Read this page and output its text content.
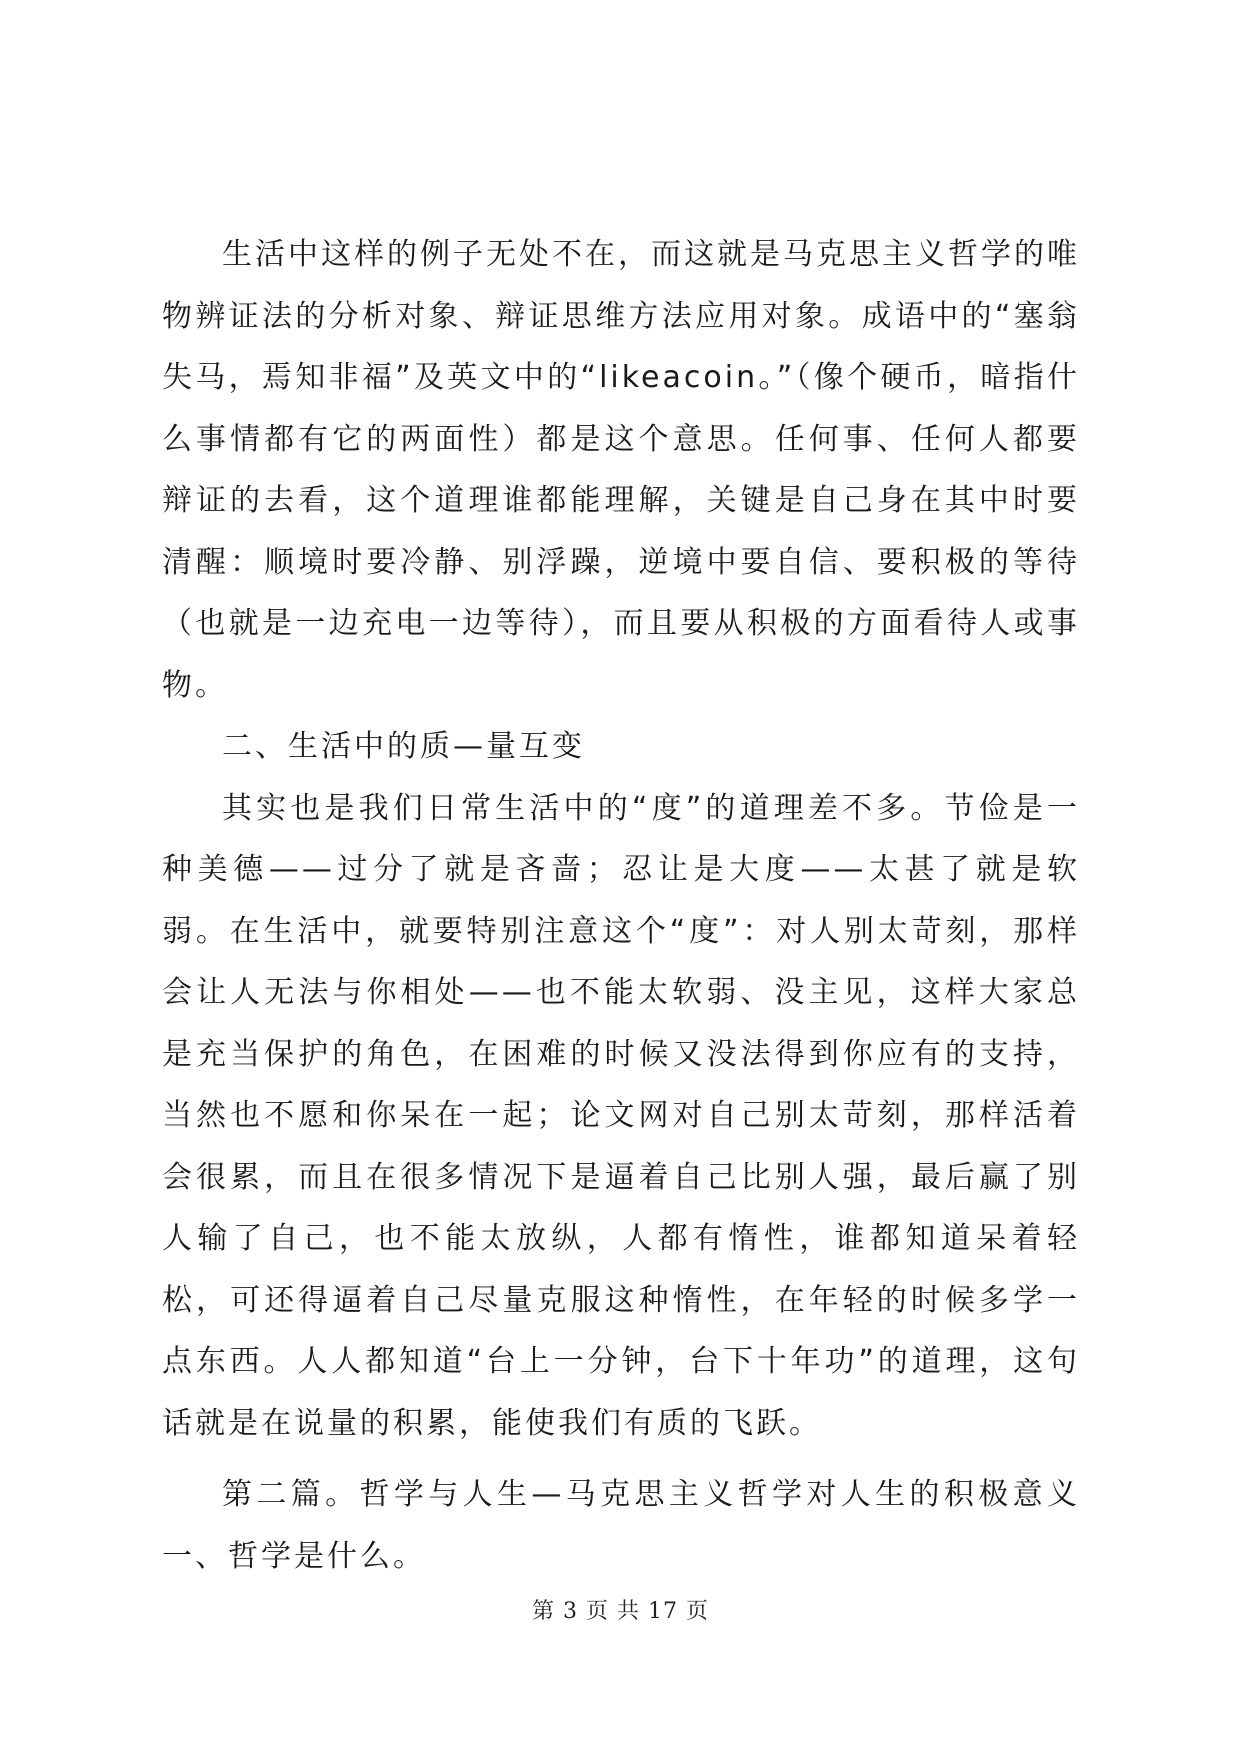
生活中这样的例子无处不在，而这就是马克思主义哲学的唯物辨证法的分析对象、辩证思维方法应用对象。成语中的“塞翁失马，焉知非福”及英文中的“likeacoin。”（像个硬币，暗指什么事情都有它的两面性）都是这个意思。任何事、任何人都要辩证的去看，这个道理谁都能理解，关键是自己身在其中时要清醒：顺境时要冷静、别浮躁，逆境中要自信、要积极的等待（也就是一边充电一边等待），而且要从积极的方面看待人或事物。

二、生活中的质—量互变

其实也是我们日常生活中的“度”的道理差不多。节俭是一种美德——过分了就是吝啬；忍让是大度——太甚了就是软弱。在生活中，就要特别注意这个“度”：对人别太苛刻，那样会让人无法与你相处——也不能太软弱、没主见，这样大家总是充当保护的角色，在困难的时候又没法得到你应有的支持，当然也不愿和你呆在一起；论文网对自己别太苛刻，那样活着会很累，而且在很多情况下是逼着自己比别人强，最后赢了别人输了自己，也不能太放纵，人都有惰性，谁都知道呆着轻松，可还得逼着自己尽量克服这种惰性，在年轻的时候多学一点东西。人人都知道“台上一分钟，台下十年功”的道理，这句话就是在说量的积累，能使我们有质的飞跃。

第二篇。哲学与人生—马克思主义哲学对人生的积极意义一、哲学是什么。

第 3 页 共 17 页
